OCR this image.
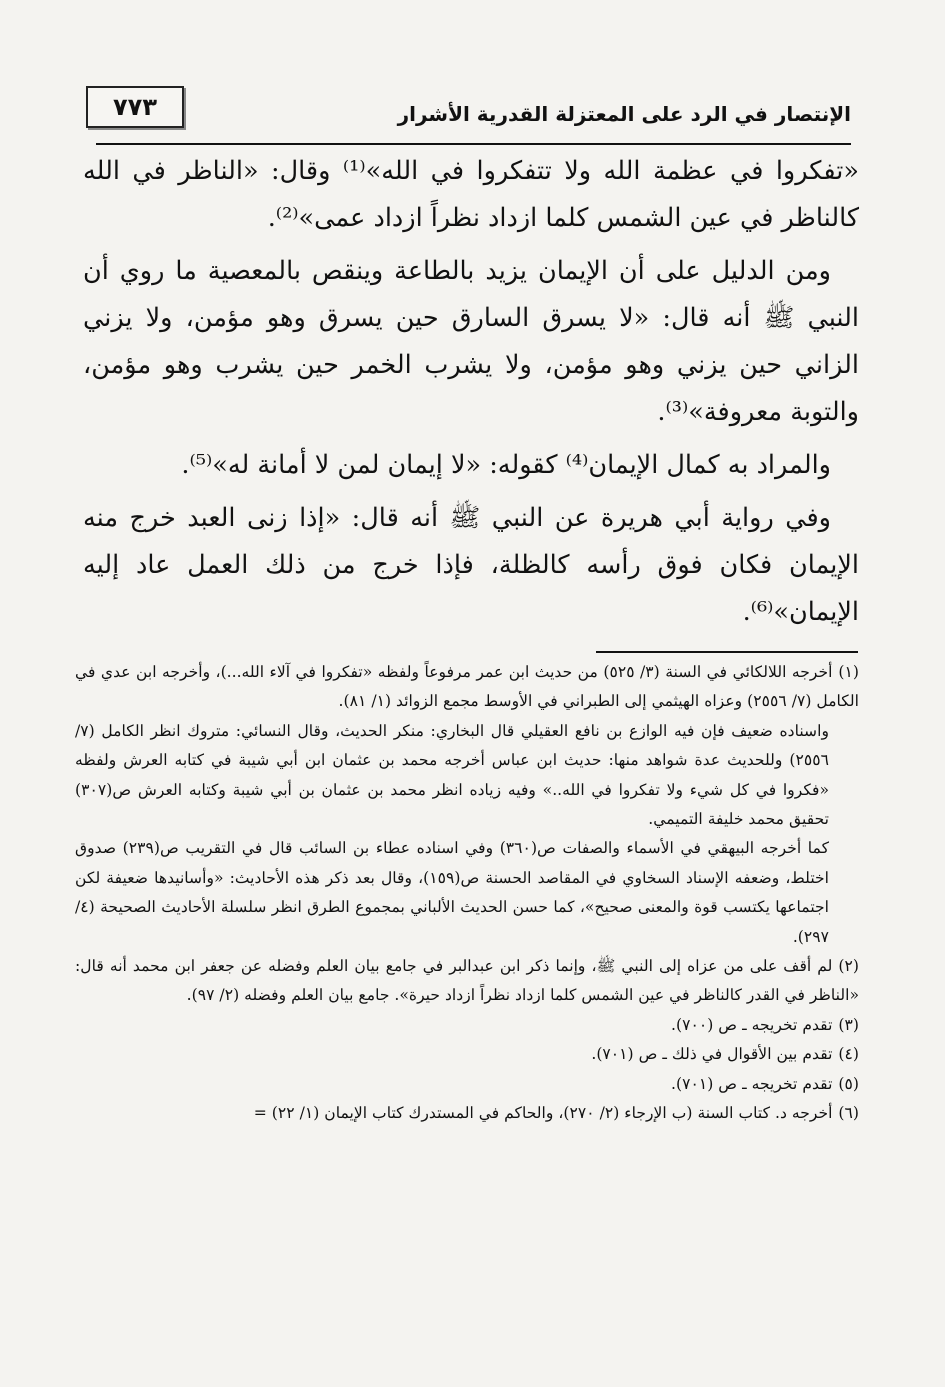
الإنتصار في الرد على المعتزلة القدرية الأشرار
٧٧٣

«تفكروا في عظمة الله ولا تتفكروا في الله»⁽¹⁾ وقال: «الناظر في الله كالناظر في عين الشمس كلما ازداد نظراً ازداد عمى»⁽²⁾.

ومن الدليل على أن الإيمان يزيد بالطاعة وينقص بالمعصية ما روي أن النبي ﷺ أنه قال: «لا يسرق السارق حين يسرق وهو مؤمن، ولا يزني الزاني حين يزني وهو مؤمن، ولا يشرب الخمر حين يشرب وهو مؤمن، والتوبة معروفة»⁽³⁾.

والمراد به كمال الإيمان⁽⁴⁾ كقوله: «لا إيمان لمن لا أمانة له»⁽⁵⁾.

وفي رواية أبي هريرة عن النبي ﷺ أنه قال: «إذا زنى العبد خرج منه الإيمان فكان فوق رأسه كالظلة، فإذا خرج من ذلك العمل عاد إليه الإيمان»⁽⁶⁾.

(١)أخرجه اللالكائي في السنة (٣/ ٥٢٥) من حديث ابن عمر مرفوعاً ولفظه «تفكروا في آلاء الله...)، وأخرجه ابن عدي في الكامل (٧/ ٢٥٥٦) وعزاه الهيثمي إلى الطبراني في الأوسط مجمع الزوائد (١/ ٨١).
واسناده ضعيف فإن فيه الوازع بن نافع العقيلي قال البخاري: منكر الحديث، وقال النسائي: متروك انظر الكامل (٧/ ٢٥٥٦) وللحديث عدة شواهد منها: حديث ابن عباس أخرجه محمد بن عثمان ابن أبي شيبة في كتابه العرش ولفظه «فكروا في كل شيء ولا تفكروا في الله..» وفيه زياده انظر محمد بن عثمان بن أبي شيبة وكتابه العرش ص(٣٠٧) تحقيق محمد خليفة التميمي.
كما أخرجه البيهقي في الأسماء والصفات ص(٣٦٠) وفي اسناده عطاء بن السائب قال في التقريب ص(٢٣٩) صدوق اختلط، وضعفه الإسناد السخاوي في المقاصد الحسنة ص(١٥٩)، وقال بعد ذكر هذه الأحاديث: «وأسانيدها ضعيفة لكن اجتماعها يكتسب قوة والمعنى صحيح»، كما حسن الحديث الألباني بمجموع الطرق انظر سلسلة الأحاديث الصحيحة (٤/ ٢٩٧).
(٢)لم أقف على من عزاه إلى النبي ﷺ، وإنما ذكر ابن عبدالبر في جامع بيان العلم وفضله عن جعفر ابن محمد أنه قال: «الناظر في القدر كالناظر في عين الشمس كلما ازداد نظراً ازداد حيرة». جامع بيان العلم وفضله (٢/ ٩٧).
(٣)تقدم تخريجه ـ ص (٧٠٠).
(٤)تقدم بين الأقوال في ذلك ـ ص (٧٠١).
(٥)تقدم تخريجه ـ ص (٧٠١).
(٦)أخرجه د. كتاب السنة (ب الإرجاء (٢/ ٢٧٠)، والحاكم في المستدرك كتاب الإيمان (١/ ٢٢) =
